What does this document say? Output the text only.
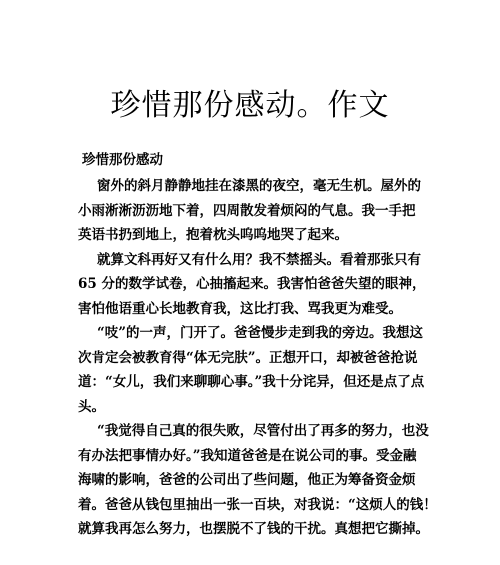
珍惜那份感动。作文

珍惜那份感动

窗外的斜月静静地挂在漆黑的夜空，毫无生机。屋外的
小雨淅淅沥沥地下着，四周散发着烦闷的气息。我一手把
英语书扔到地上，抱着枕头呜呜地哭了起来。

就算文科再好又有什么用？我不禁摇头。看着那张只有
65 分的数学试卷，心抽搐起来。我害怕爸爸失望的眼神，
害怕他语重心长地教育我，这比打我、骂我更为难受。

“吱”的一声，门开了。爸爸慢步走到我的旁边。我想这
次肯定会被教育得“体无完肤”。正想开口，却被爸爸抢说
道：“女儿，我们来聊聊心事。”我十分诧异，但还是点了点
头。

“我觉得自己真的很失败，尽管付出了再多的努力，也没
有办法把事情办好。”我知道爸爸是在说公司的事。受金融
海啸的影响，爸爸的公司出了些问题，他正为筹备资金烦
着。爸爸从钱包里抽出一张一百块，对我说：“这烦人的钱！
就算我再怎么努力，也摆脱不了钱的干扰。真想把它撕掉。
